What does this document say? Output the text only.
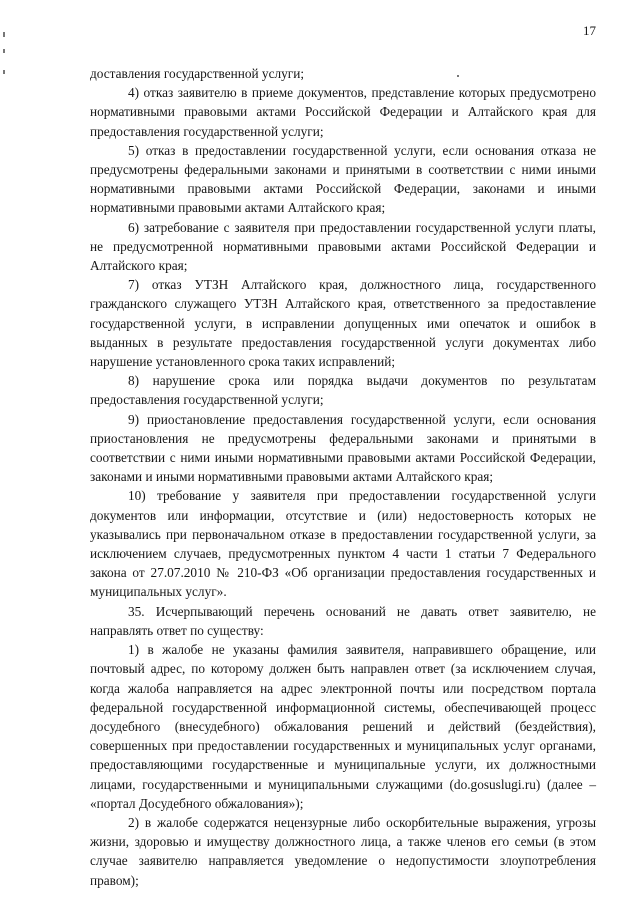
17

доставления государственной услуги;

4) отказ заявителю в приеме документов, представление которых предусмотрено нормативными правовыми актами Российской Федерации и Алтайского края для предоставления государственной услуги;

5) отказ в предоставлении государственной услуги, если основания отказа не предусмотрены федеральными законами и принятыми в соответствии с ними иными нормативными правовыми актами Российской Федерации, законами и иными нормативными правовыми актами Алтайского края;

6) затребование с заявителя при предоставлении государственной услуги платы, не предусмотренной нормативными правовыми актами Российской Федерации и Алтайского края;

7) отказ УТЗН Алтайского края, должностного лица, государственного гражданского служащего УТЗН Алтайского края, ответственного за предоставление государственной услуги, в исправлении допущенных ими опечаток и ошибок в выданных в результате предоставления государственной услуги документах либо нарушение установленного срока таких исправлений;

8) нарушение срока или порядка выдачи документов по результатам предоставления государственной услуги;

9) приостановление предоставления государственной услуги, если основания приостановления не предусмотрены федеральными законами и принятыми в соответствии с ними иными нормативными правовыми актами Российской Федерации, законами и иными нормативными правовыми актами Алтайского края;

10) требование у заявителя при предоставлении государственной услуги документов или информации, отсутствие и (или) недостоверность которых не указывались при первоначальном отказе в предоставлении государственной услуги, за исключением случаев, предусмотренных пунктом 4 части 1 статьи 7 Федерального закона от 27.07.2010 № 210-ФЗ «Об организации предоставления государственных и муниципальных услуг».

35. Исчерпывающий перечень оснований не давать ответ заявителю, не направлять ответ по существу:

1) в жалобе не указаны фамилия заявителя, направившего обращение, или почтовый адрес, по которому должен быть направлен ответ (за исключением случая, когда жалоба направляется на адрес электронной почты или посредством портала федеральной государственной информационной системы, обеспечивающей процесс досудебного (внесудебного) обжалования решений и действий (бездействия), совершенных при предоставлении государственных и муниципальных услуг органами, предоставляющими государственные и муниципальные услуги, их должностными лицами, государственными и муниципальными служащими (do.gosuslugi.ru) (далее – «портал Досудебного обжалования»);

2) в жалобе содержатся нецензурные либо оскорбительные выражения, угрозы жизни, здоровью и имуществу должностного лица, а также членов его семьи (в этом случае заявителю направляется уведомление о недопустимости злоупотребления правом);
